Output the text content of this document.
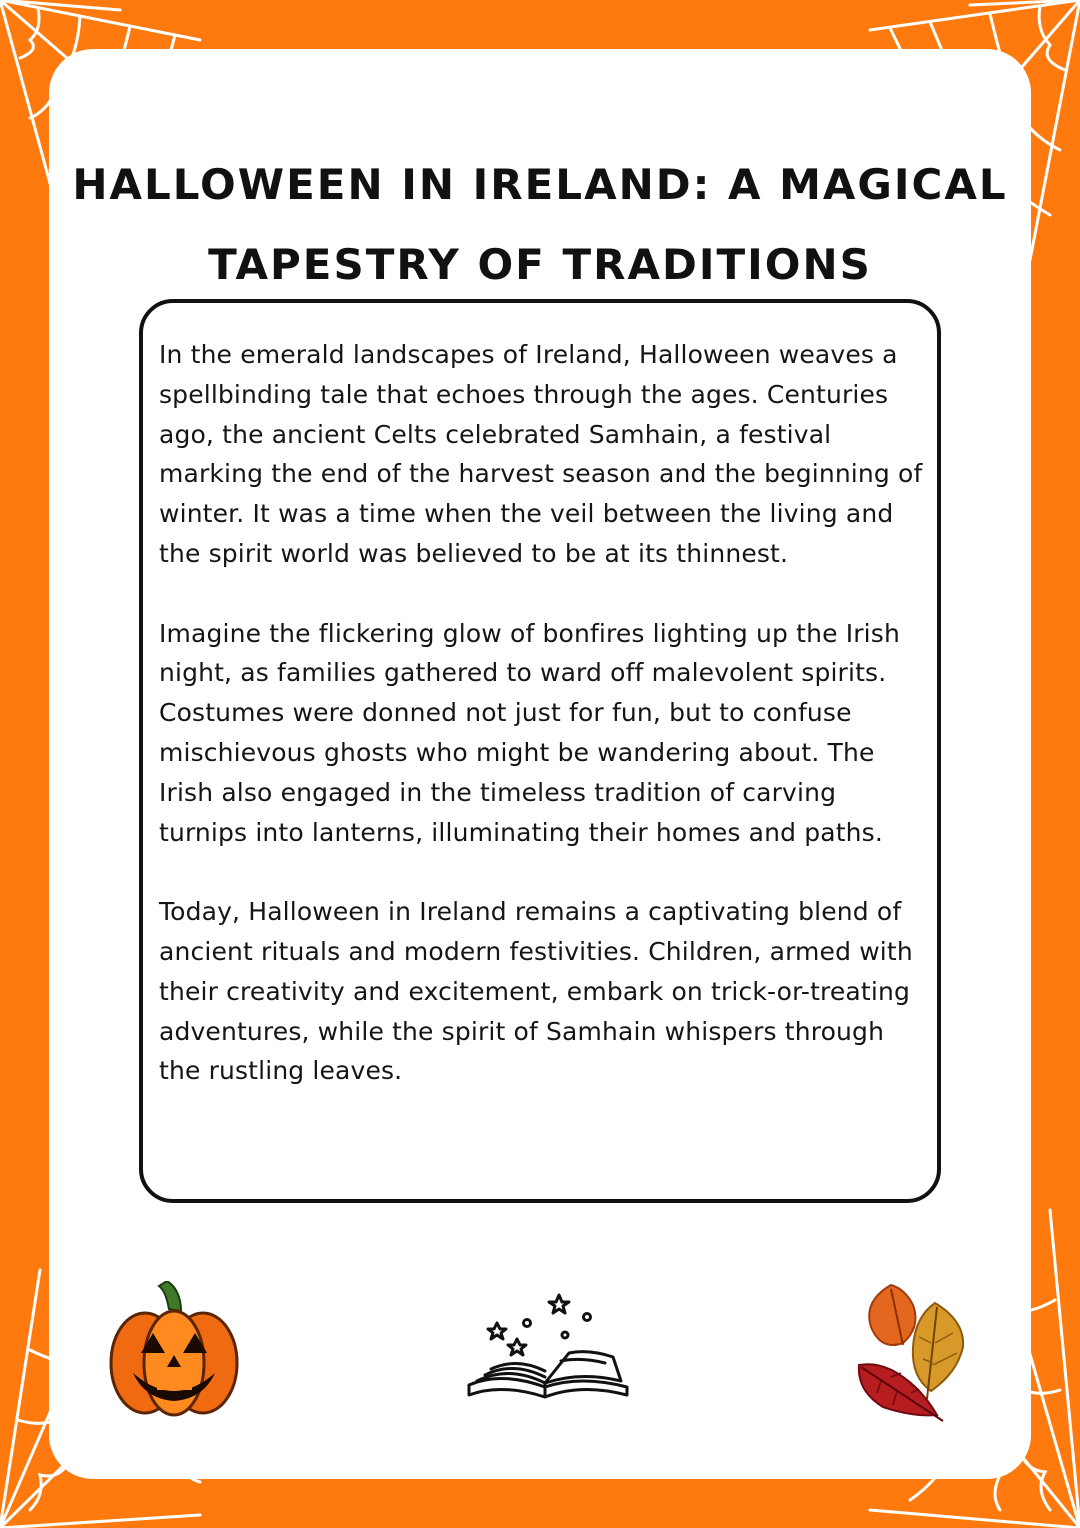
HALLOWEEN IN IRELAND: A MAGICAL TAPESTRY OF TRADITIONS

In the emerald landscapes of Ireland, Halloween weaves a spellbinding tale that echoes through the ages. Centuries ago, the ancient Celts celebrated Samhain, a festival marking the end of the harvest season and the beginning of winter. It was a time when the veil between the living and the spirit world was believed to be at its thinnest.

Imagine the flickering glow of bonfires lighting up the Irish night, as families gathered to ward off malevolent spirits. Costumes were donned not just for fun, but to confuse mischievous ghosts who might be wandering about. The Irish also engaged in the timeless tradition of carving turnips into lanterns, illuminating their homes and paths.

Today, Halloween in Ireland remains a captivating blend of ancient rituals and modern festivities. Children, armed with their creativity and excitement, embark on trick-or-treating adventures, while the spirit of Samhain whispers through the rustling leaves.
